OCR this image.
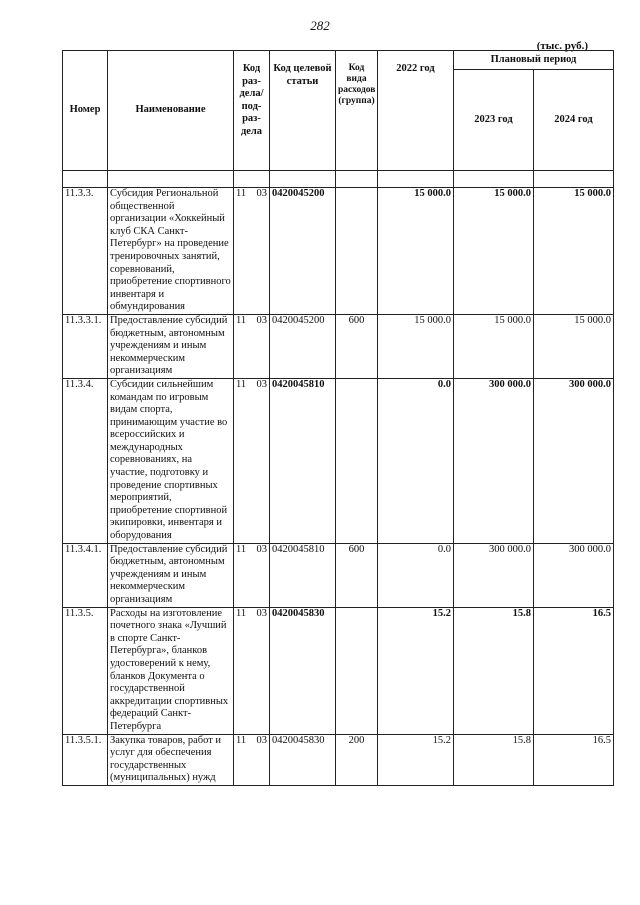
282
(тыс. руб.)
Номер	Наименование	Код раз- дела/ под- раз- дела	Код целевой статьи	Код вида расходов (группа)	2022 год	Плановый период	
						2023 год	2024 год

11.3.3.	Субсидия Региональной общественной организации «Хоккейный клуб СКА Санкт-Петербург» на проведение тренировочных занятий, соревнований, приобретение спортивного инвентаря и обмундирования	11 03	0420045200		15 000.0	15 000.0	15 000.0
11.3.3.1.	Предоставление субсидий бюджетным, автономным учреждениям и иным некоммерческим организациям	11 03	0420045200	600	15 000.0	15 000.0	15 000.0
11.3.4.	Субсидии сильнейшим командам по игровым видам спорта, принимающим участие во всероссийских и международных соревнованиях, на участие, подготовку и проведение спортивных мероприятий, приобретение спортивной экипировки, инвентаря и оборудования	11 03	0420045810		0.0	300 000.0	300 000.0
11.3.4.1.	Предоставление субсидий бюджетным, автономным учреждениям и иным некоммерческим организациям	11 03	0420045810	600	0.0	300 000.0	300 000.0
11.3.5.	Расходы на изготовление почетного знака «Лучший в спорте Санкт-Петербурга», бланков удостоверений к нему, бланков Документа о государственной аккредитации спортивных федераций Санкт-Петербурга	11 03	0420045830		15.2	15.8	16.5
11.3.5.1.	Закупка товаров, работ и услуг для обеспечения государственных (муниципальных) нужд	11 03	0420045830	200	15.2	15.8	16.5
